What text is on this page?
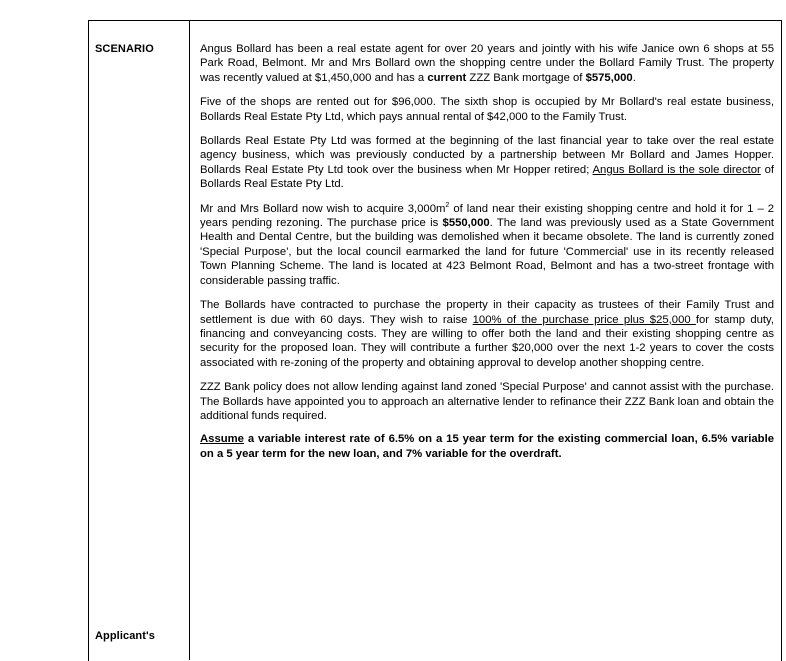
SCENARIO
Applicant's

Angus Bollard has been a real estate agent for over 20 years and jointly with his wife Janice own 6 shops at 55 Park Road, Belmont. Mr and Mrs Bollard own the shopping centre under the Bollard Family Trust. The property was recently valued at $1,450,000 and has a current ZZZ Bank mortgage of $575,000.

Five of the shops are rented out for $96,000. The sixth shop is occupied by Mr Bollard's real estate business, Bollards Real Estate Pty Ltd, which pays annual rental of $42,000 to the Family Trust.

Bollards Real Estate Pty Ltd was formed at the beginning of the last financial year to take over the real estate agency business, which was previously conducted by a partnership between Mr Bollard and James Hopper. Bollards Real Estate Pty Ltd took over the business when Mr Hopper retired; Angus Bollard is the sole director of Bollards Real Estate Pty Ltd.

Mr and Mrs Bollard now wish to acquire $3,000m^2$ of land near their existing shopping centre and hold it for 1 – 2 years pending rezoning. The purchase price is $550,000. The land was previously used as a State Government Health and Dental Centre, but the building was demolished when it became obsolete. The land is currently zoned 'Special Purpose', but the local council earmarked the land for future 'Commercial' use in its recently released Town Planning Scheme. The land is located at 423 Belmont Road, Belmont and has a two-street frontage with considerable passing traffic.

The Bollards have contracted to purchase the property in their capacity as trustees of their Family Trust and settlement is due with 60 days. They wish to raise 100% of the purchase price plus $25,000 for stamp duty, financing and conveyancing costs. They are willing to offer both the land and their existing shopping centre as security for the proposed loan. They will contribute a further $20,000 over the next 1-2 years to cover the costs associated with re-zoning of the property and obtaining approval to develop another shopping centre.

ZZZ Bank policy does not allow lending against land zoned 'Special Purpose' and cannot assist with the purchase. The Bollards have appointed you to approach an alternative lender to refinance their ZZZ Bank loan and obtain the additional funds required.

Assume a variable interest rate of 6.5% on a 15 year term for the existing commercial loan, 6.5% variable on a 5 year term for the new loan, and 7% variable for the overdraft.
